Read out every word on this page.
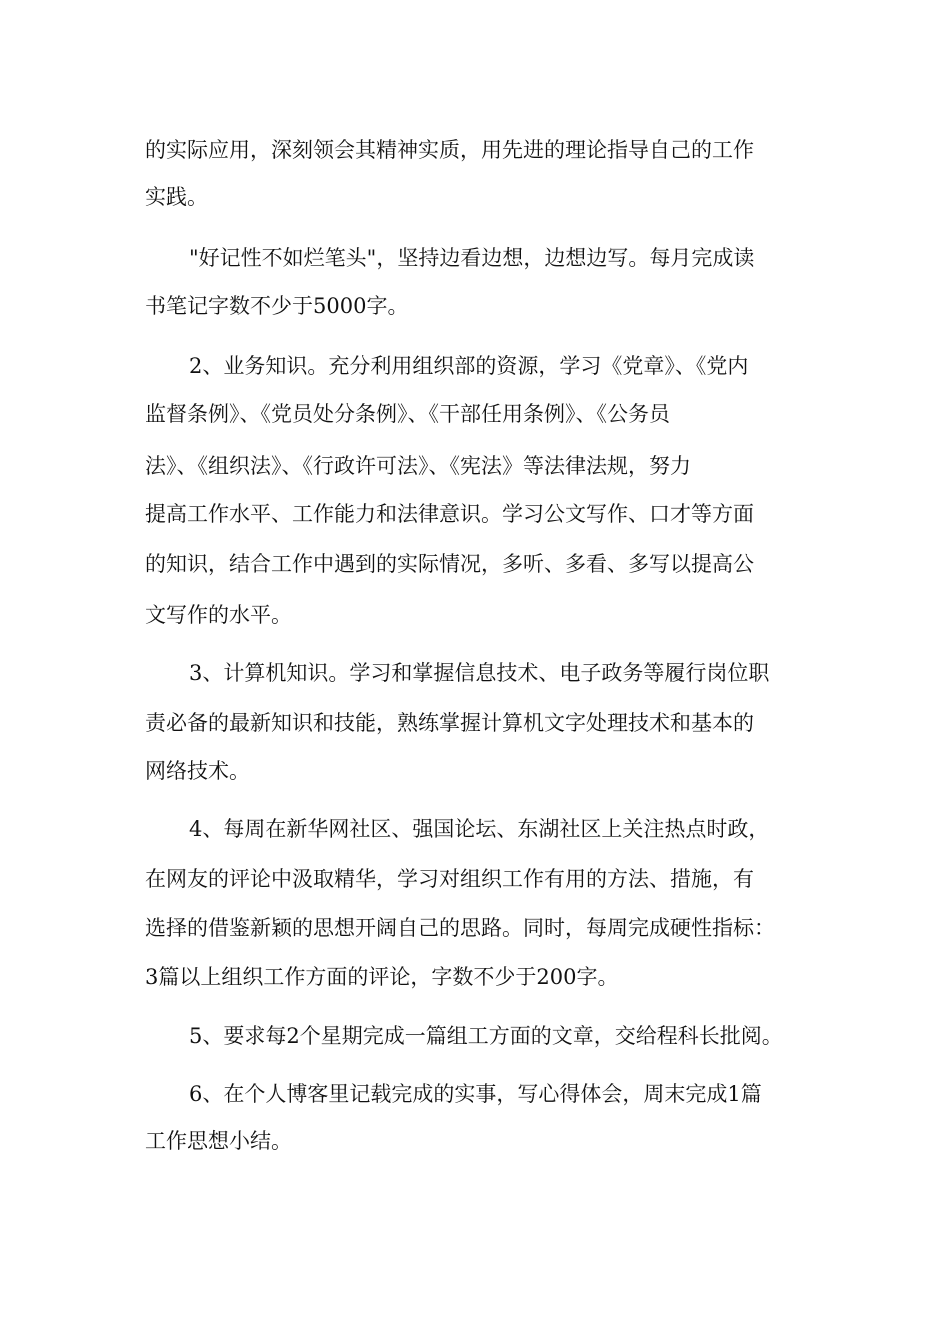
的实际应用，深刻领会其精神实质，用先进的理论指导自己的工作

实践。

"好记性不如烂笔头"，坚持边看边想，边想边写。每月完成读

书笔记字数不少于5000字。

2、业务知识。充分利用组织部的资源，学习《党章》、《党内

监督条例》、《党员处分条例》、《干部任用条例》、《公务员

法》、《组织法》、《行政许可法》、《宪法》等法律法规，努力

提高工作水平、工作能力和法律意识。学习公文写作、口才等方面

的知识，结合工作中遇到的实际情况，多听、多看、多写以提高公

文写作的水平。

3、计算机知识。学习和掌握信息技术、电子政务等履行岗位职

责必备的最新知识和技能，熟练掌握计算机文字处理技术和基本的

网络技术。

4、每周在新华网社区、强国论坛、东湖社区上关注热点时政，

在网友的评论中汲取精华，学习对组织工作有用的方法、措施，有

选择的借鉴新颖的思想开阔自己的思路。同时，每周完成硬性指标：

3篇以上组织工作方面的评论，字数不少于200字。

5、要求每2个星期完成一篇组工方面的文章，交给程科长批阅。

6、在个人博客里记载完成的实事，写心得体会，周末完成1篇

工作思想小结。
